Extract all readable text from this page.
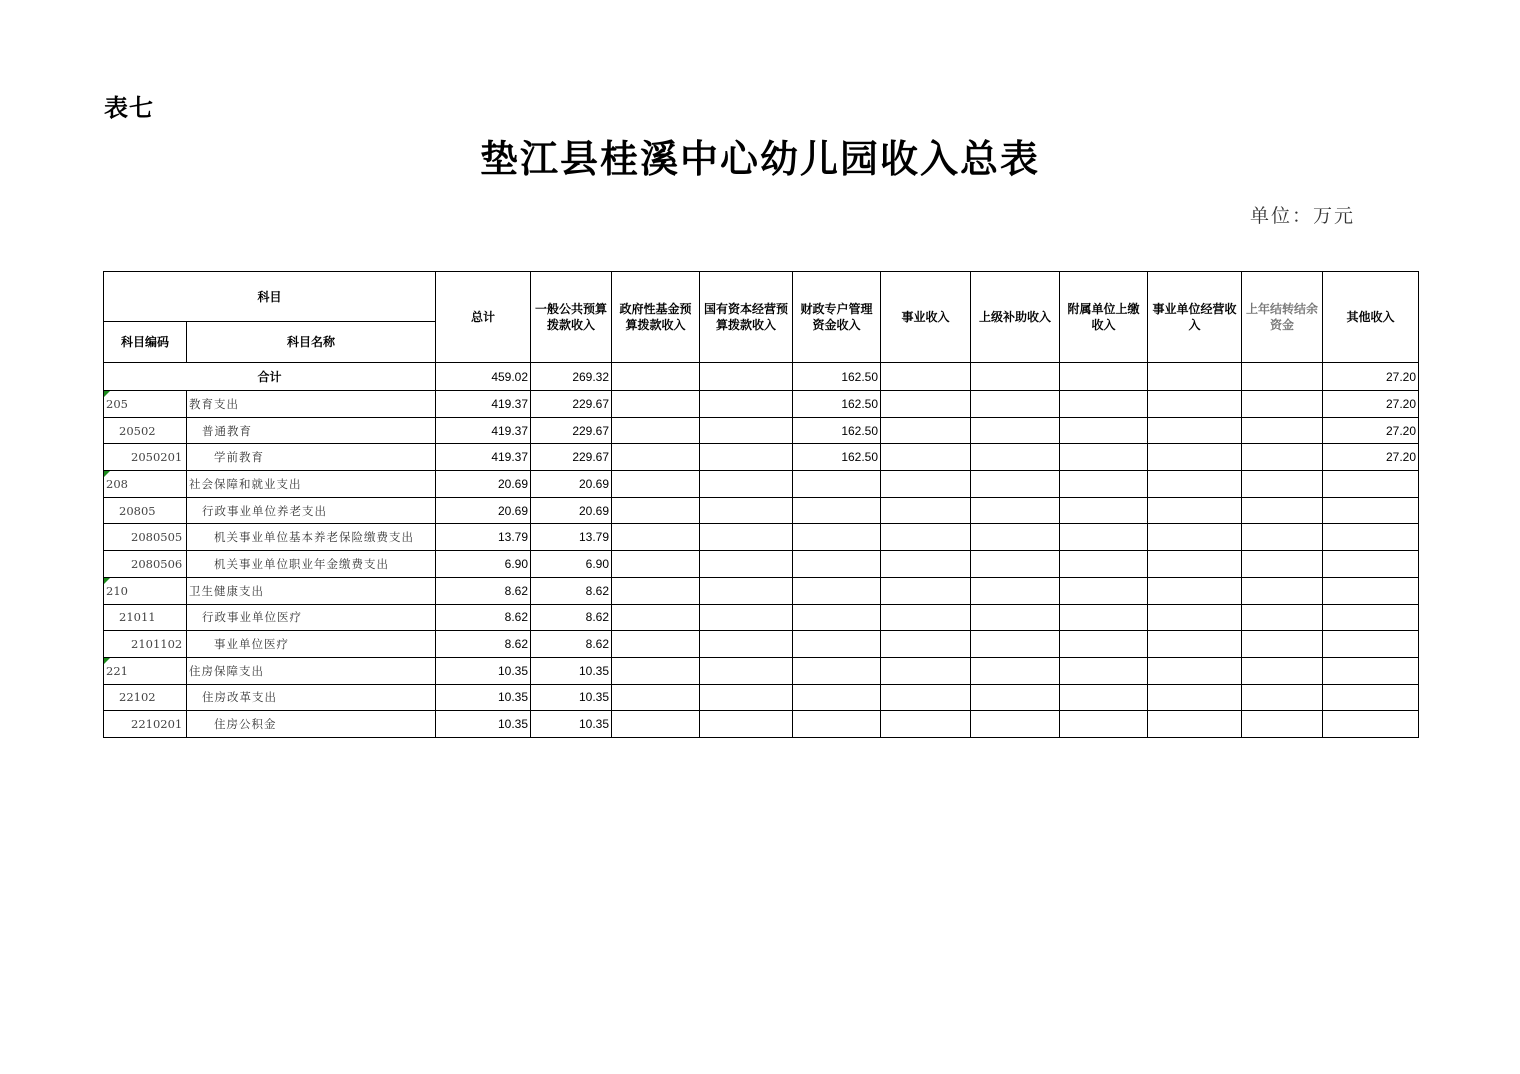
表七
垫江县桂溪中心幼儿园收入总表
单位：万元
科目		总计	一般公共预算拨款收入	政府性基金预算拨款收入	国有资本经营预算拨款收入	财政专户管理资金收入	事业收入	上级补助收入	附属单位上缴收入	事业单位经营收入	上年结转结余资金	其他收入
科目编码	科目名称											
合计		459.02	269.32			162.50						27.20

205	教育支出	419.37	229.67			162.50						27.20
20502	普通教育	419.37	229.67			162.50						27.20
2050201	学前教育	419.37	229.67			162.50						27.20

208	社会保障和就业支出	20.69	20.69									
20805	行政事业单位养老支出	20.69	20.69									
2080505	机关事业单位基本养老保险缴费支出	13.79	13.79									
2080506	机关事业单位职业年金缴费支出	6.90	6.90									

210	卫生健康支出	8.62	8.62									
21011	行政事业单位医疗	8.62	8.62									
2101102	事业单位医疗	8.62	8.62									

221	住房保障支出	10.35	10.35									
22102	住房改革支出	10.35	10.35									
2210201	住房公积金	10.35	10.35									
